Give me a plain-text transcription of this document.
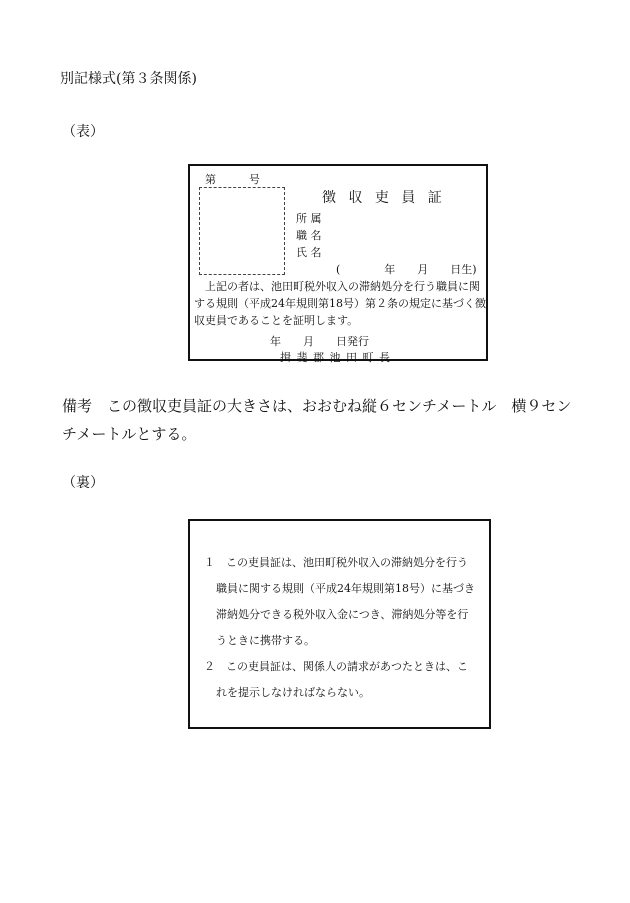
別記様式(第３条関係)
（表）
第　　　号
徴 収 吏 員 証
所 属
職 名
氏 名
(　　　　年　　月　　日生)

　上記の者は、池田町税外収入の滞納処分を行う職員に関

する規則（平成24年規則第18号）第２条の規定に基づく徴

収吏員であることを証明します。

年　　月　　日発行
揖 斐 郡 池 田 町 長

備考　この徴収吏員証の大きさは、おおむね縦６センチメートル　横９セン

チメートルとする。

（裏）

１　この吏員証は、池田町税外収入の滞納処分を行う

職員に関する規則（平成24年規則第18号）に基づき

滞納処分できる税外収入金につき、滞納処分等を行

うときに携帯する。

２　この吏員証は、関係人の請求があつたときは、こ

れを提示しなければならない。
